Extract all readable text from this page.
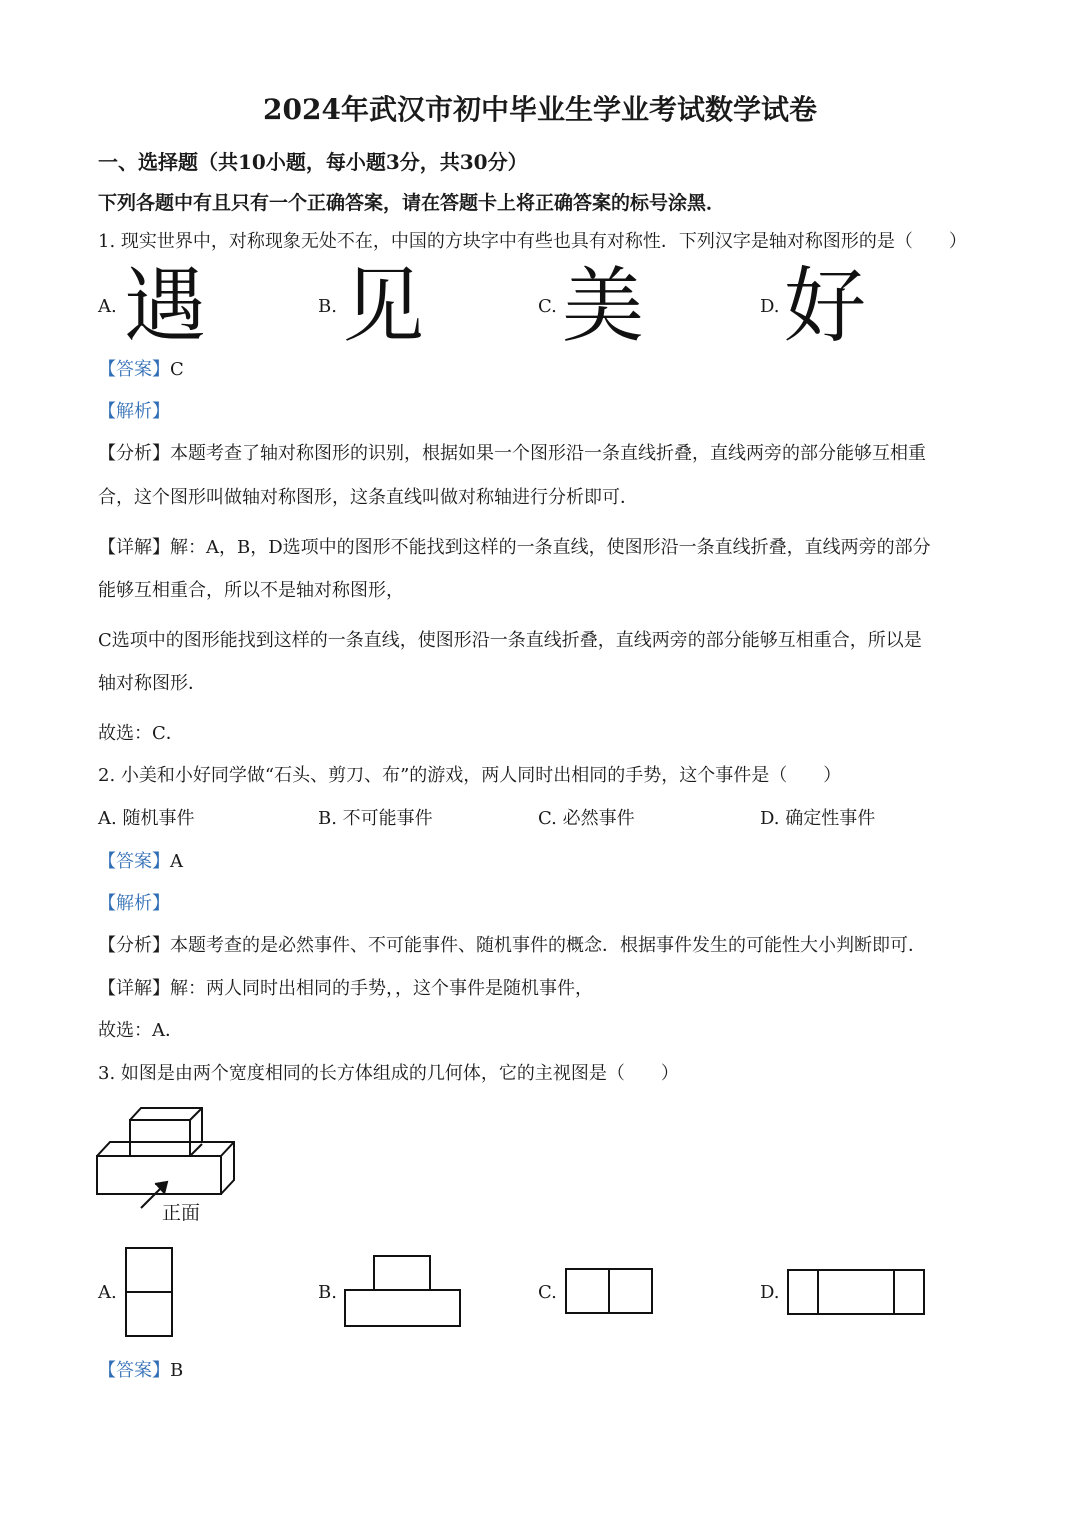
2024年武汉市初中毕业生学业考试数学试卷
一、选择题（共10小题，每小题3分，共30分）
下列各题中有且只有一个正确答案，请在答题卡上将正确答案的标号涂黑．
1. 现实世界中，对称现象无处不在，中国的方块字中有些也具有对称性．下列汉字是轴对称图形的是（　　）
A. 遇	B. 见	C. 美	D. 好
【答案】C
【解析】
【分析】本题考查了轴对称图形的识别，根据如果一个图形沿一条直线折叠，直线两旁的部分能够互相重
合，这个图形叫做轴对称图形，这条直线叫做对称轴进行分析即可．
【详解】解：A，B，D选项中的图形不能找到这样的一条直线，使图形沿一条直线折叠，直线两旁的部分
能够互相重合，所以不是轴对称图形，
C选项中的图形能找到这样的一条直线，使图形沿一条直线折叠，直线两旁的部分能够互相重合，所以是
轴对称图形．
故选：C．
2. 小美和小好同学做“石头、剪刀、布”的游戏，两人同时出相同的手势，这个事件是（　　）
A. 随机事件	B. 不可能事件	C. 必然事件	D. 确定性事件
【答案】A
【解析】
【分析】本题考查的是必然事件、不可能事件、随机事件的概念．根据事件发生的可能性大小判断即可．
【详解】解：两人同时出相同的手势，，这个事件是随机事件，
故选：A．
3. 如图是由两个宽度相同的长方体组成的几何体，它的主视图是（　　）
正面
A.	B.	C.	D.
【答案】B
